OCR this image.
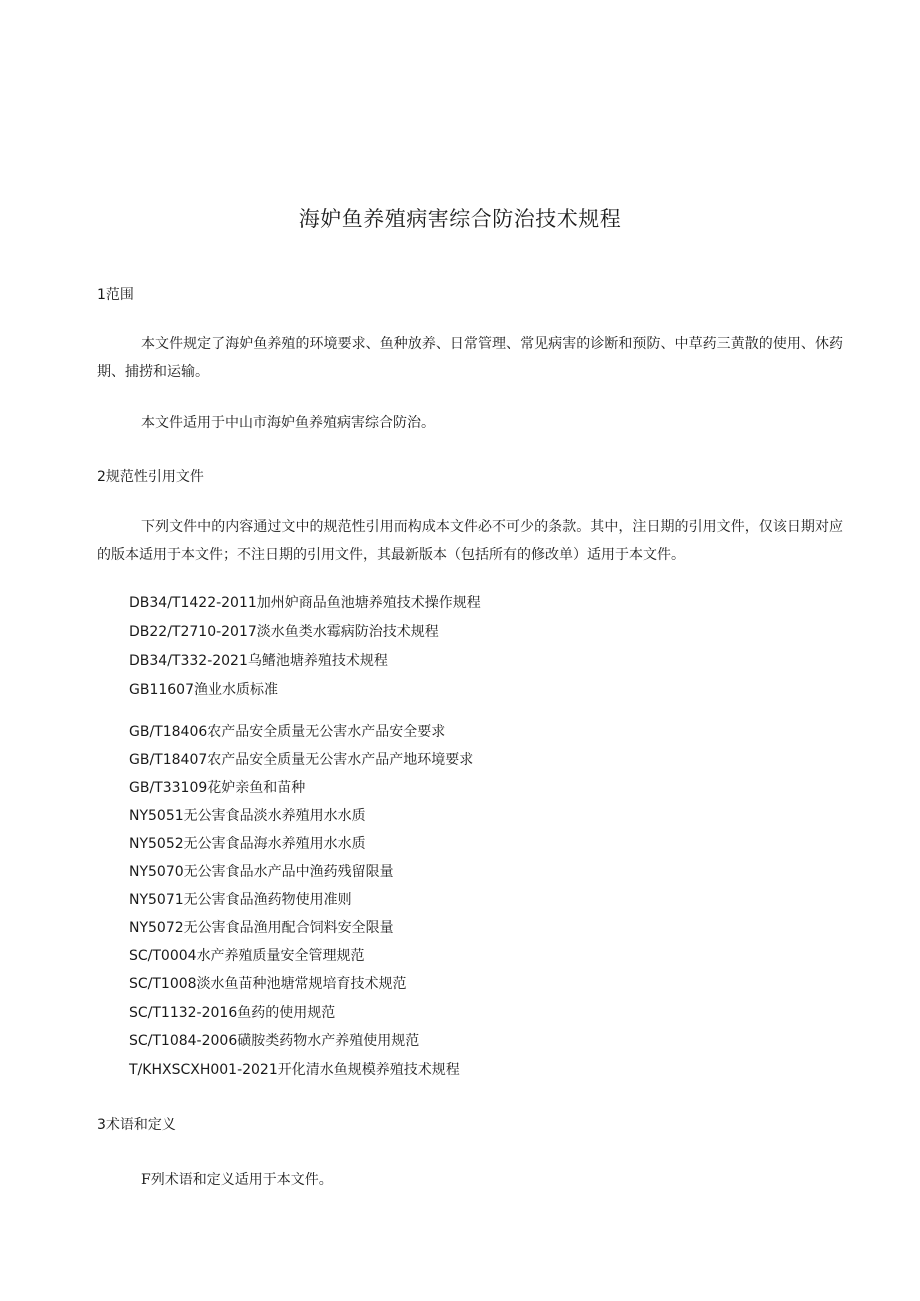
海妒鱼养殖病害综合防治技术规程
1范围

本文件规定了海妒鱼养殖的环境要求、鱼种放养、日常管理、常见病害的诊断和预防、中草药三黄散的使用、休药期、捕捞和运输。

本文件适用于中山市海妒鱼养殖病害综合防治。

2规范性引用文件

下列文件中的内容通过文中的规范性引用而构成本文件必不可少的条款。其中，注日期的引用文件，仅该日期对应的版本适用于本文件；不注日期的引用文件，其最新版本（包括所有的修改单）适用于本文件。

DB34/T1422-2011加州妒商品鱼池塘养殖技术操作规程
DB22/T2710-2017淡水鱼类水霉病防治技术规程
DB34/T332-2021乌鳍池塘养殖技术规程
GB11607渔业水质标准
GB/T18406农产品安全质量无公害水产品安全要求
GB/T18407农产品安全质量无公害水产品产地环境要求
GB/T33109花妒亲鱼和苗种
NY5051无公害食品淡水养殖用水水质
NY5052无公害食品海水养殖用水水质
NY5070无公害食品水产品中渔药残留限量
NY5071无公害食品渔药物使用准则
NY5072无公害食品渔用配合饲料安全限量
SC/T0004水产养殖质量安全管理规范
SC/T1008淡水鱼苗种池塘常规培育技术规范
SC/T1132-2016鱼药的使用规范
SC/T1084-2006磺胺类药物水产养殖使用规范
T/KHXSCXH001-2021开化清水鱼规模养殖技术规程
3术语和定义

F列术语和定义适用于本文件。
